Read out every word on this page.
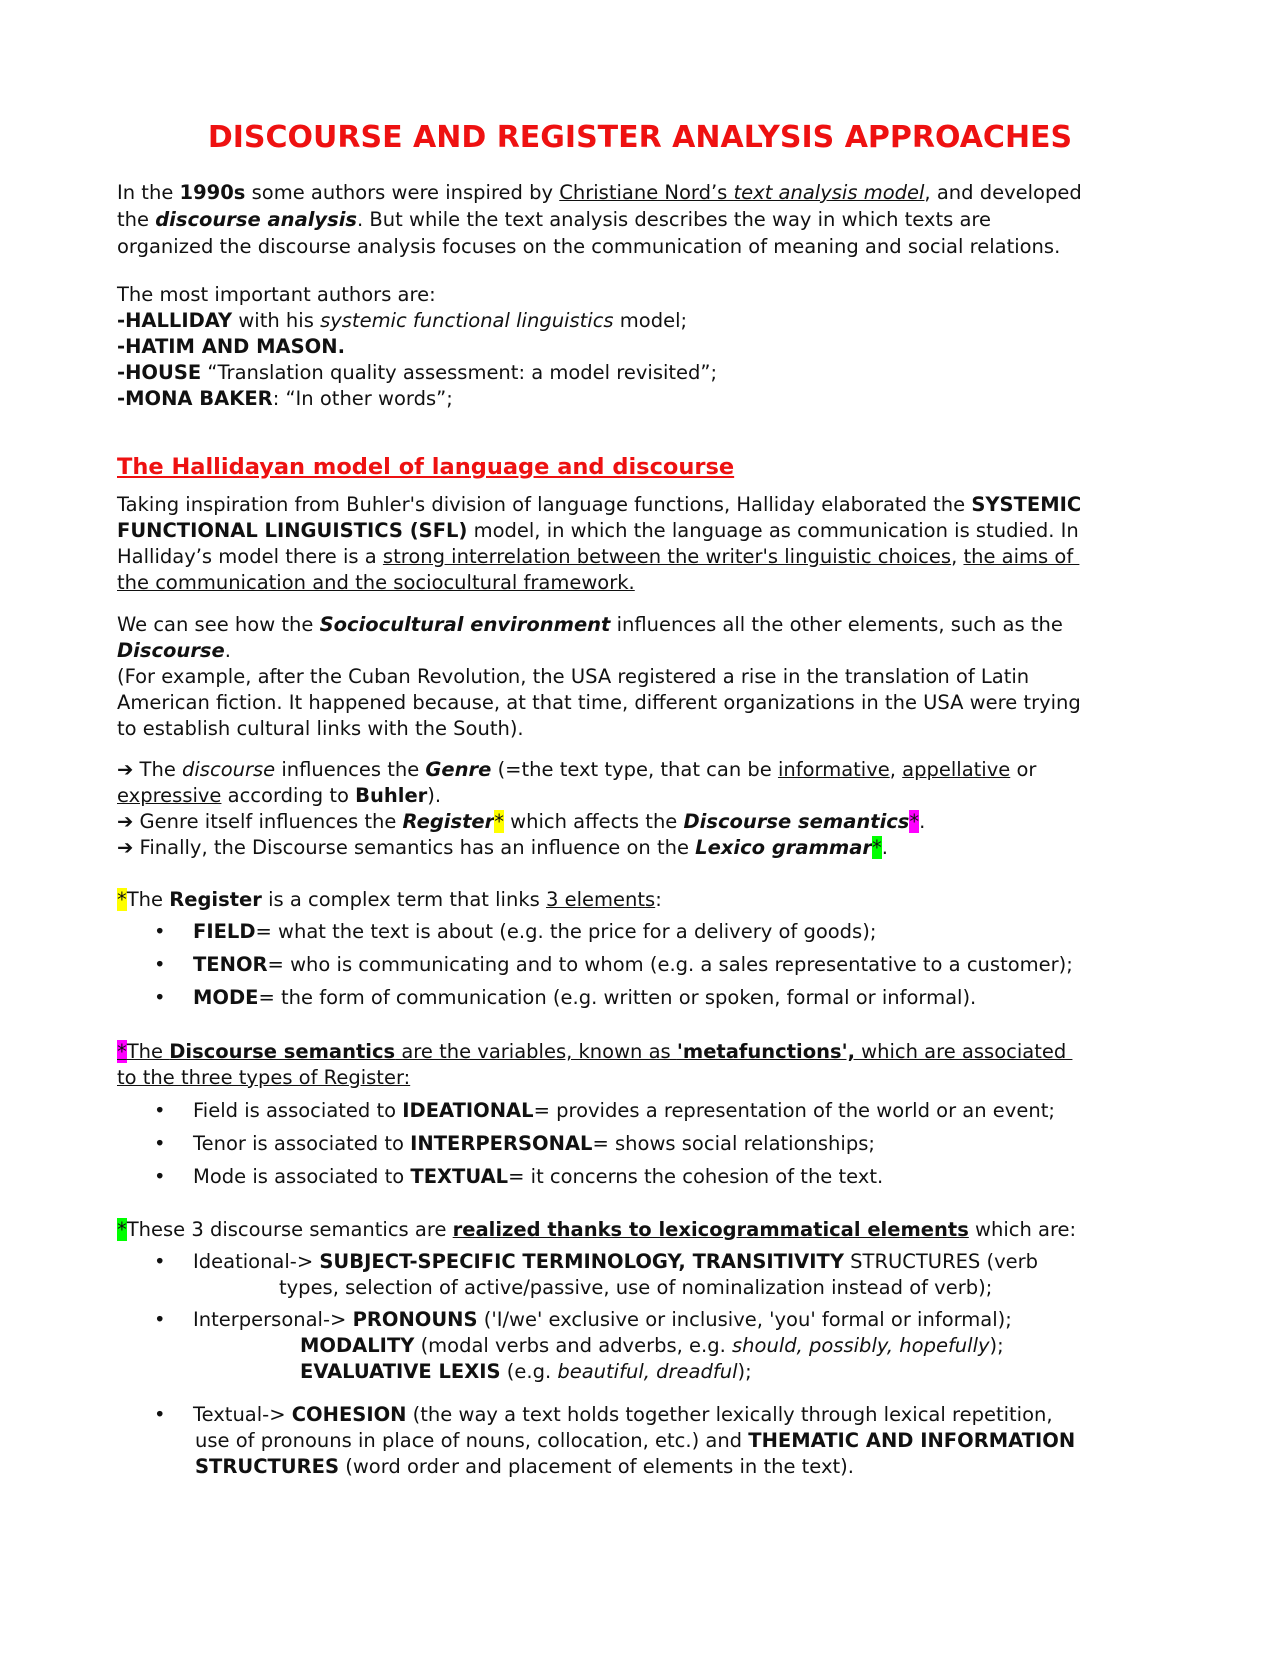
DISCOURSE AND REGISTER ANALYSIS APPROACHES
In the 1990s some authors were inspired by Christiane Nord’s text analysis model, and developed
the discourse analysis. But while the text analysis describes the way in which texts are
organized the discourse analysis focuses on the communication of meaning and social relations.
The most important authors are:
-HALLIDAY with his systemic functional linguistics model;
-HATIM AND MASON.
-HOUSE “Translation quality assessment: a model revisited”;
-MONA BAKER: “In other words”;
The Hallidayan model of language and discourse
Taking inspiration from Buhler's division of language functions, Halliday elaborated the SYSTEMIC
FUNCTIONAL LINGUISTICS (SFL) model, in which the language as communication is studied. In
Halliday’s model there is a strong interrelation between the writer's linguistic choices, the aims of
the communication and the sociocultural framework.
We can see how the Sociocultural environment influences all the other elements, such as the
Discourse.
(For example, after the Cuban Revolution, the USA registered a rise in the translation of Latin
American fiction. It happened because, at that time, different organizations in the USA were trying
to establish cultural links with the South).
➔ The discourse influences the Genre (=the text type, that can be informative, appellative or
expressive according to Buhler).
➔ Genre itself influences the Register* which affects the Discourse semantics*.
➔ Finally, the Discourse semantics has an influence on the Lexico grammar*.
*The Register is a complex term that links 3 elements:
• FIELD= what the text is about (e.g. the price for a delivery of goods);
• TENOR= who is communicating and to whom (e.g. a sales representative to a customer);
• MODE= the form of communication (e.g. written or spoken, formal or informal).
*The Discourse semantics are the variables, known as 'metafunctions', which are associated
to the three types of Register:
• Field is associated to IDEATIONAL= provides a representation of the world or an event;
• Tenor is associated to INTERPERSONAL= shows social relationships;
• Mode is associated to TEXTUAL= it concerns the cohesion of the text.
*These 3 discourse semantics are realized thanks to lexicogrammatical elements which are:
• Ideational-> SUBJECT-SPECIFIC TERMINOLOGY, TRANSITIVITY STRUCTURES (verb
types, selection of active/passive, use of nominalization instead of verb);
• Interpersonal-> PRONOUNS ('I/we' exclusive or inclusive, 'you' formal or informal);
MODALITY (modal verbs and adverbs, e.g. should, possibly, hopefully);
EVALUATIVE LEXIS (e.g. beautiful, dreadful);
• Textual-> COHESION (the way a text holds together lexically through lexical repetition,
use of pronouns in place of nouns, collocation, etc.) and THEMATIC AND INFORMATION
STRUCTURES (word order and placement of elements in the text).
